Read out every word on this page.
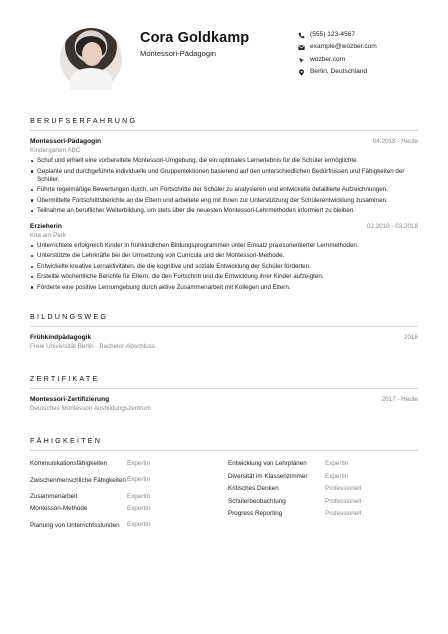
Cora Goldkamp
Montessori-Pädagogin
(555) 123-4567
example@wozber.com
wozber.com
Berlin, Deutschland
BERUFSERFAHRUNG
Montessori-Pädagogin	04.2018 - Heute
Kindergarten ABC
Schuf und erhielt eine vorbereitete Montessori-Umgebung, die ein optimales Lernerlebnis für die Schüler ermöglichte.
Geplante und durchgeführte individuelle und Gruppenlektionen basierend auf den unterschiedlichen Bedürfnissen und Fähigkeiten der Schüler.
Führte regelmäßige Bewertungen durch, um Fortschritte der Schüler zu analysieren und entwickelte detaillierte Aufzeichnungen.
Übermittelte Fortschrittsberichte an die Eltern und arbeitete eng mit ihnen zur Unterstützung der Schülerentwicklung zusammen.
Teilnahme an beruflicher Weiterbildung, um stets über die neuesten Montessori-Lehrmethoden informiert zu bleiben.
Erzieherin	02.2016 - 03.2018
Kita am Park
Unterrichtete erfolgreich Kinder in frühkindlichen Bildungsprogrammen unter Einsatz praxisorientierter Lernmethoden.
Unterstützte die Lehrkräfte bei der Umsetzung von Curricula und der Montessori-Methode.
Entwickelte kreative Lernaktivitäten, die die kognitive und soziale Entwicklung der Schüler förderten.
Erstellte wöchentliche Berichte für Eltern, die den Fortschritt und die Entwicklung ihrer Kinder aufzeigten.
Förderte eine positive Lernumgebung durch aktive Zusammenarbeit mit Kollegen und Eltern.
BILDUNGSWEG
Frühkindpädagogik	2016
Freie Universität Berlin · Bachelor-Abschluss
ZERTIFIKATE
Montessori-Zertifizierung	2017 - Heute
Deutsches Montessori Ausbildungszentrum
FÄHIGKEITEN
Kommunikationsfähigkeiten	Expertin
Zwischenmenschliche Fähigkeiten Expertin
Zusammenarbeit	Expertin
Montessori-Methode	Expertin
Planung von Unterrichtsstunden	Expertin
Entwicklung von Lehrplänen	Expertin
Diversität im Klassenzimmer	Expertin
Kritisches Denken	Professionell
Schülerbeobachtung	Professionell
Progress Reporting	Professionell
